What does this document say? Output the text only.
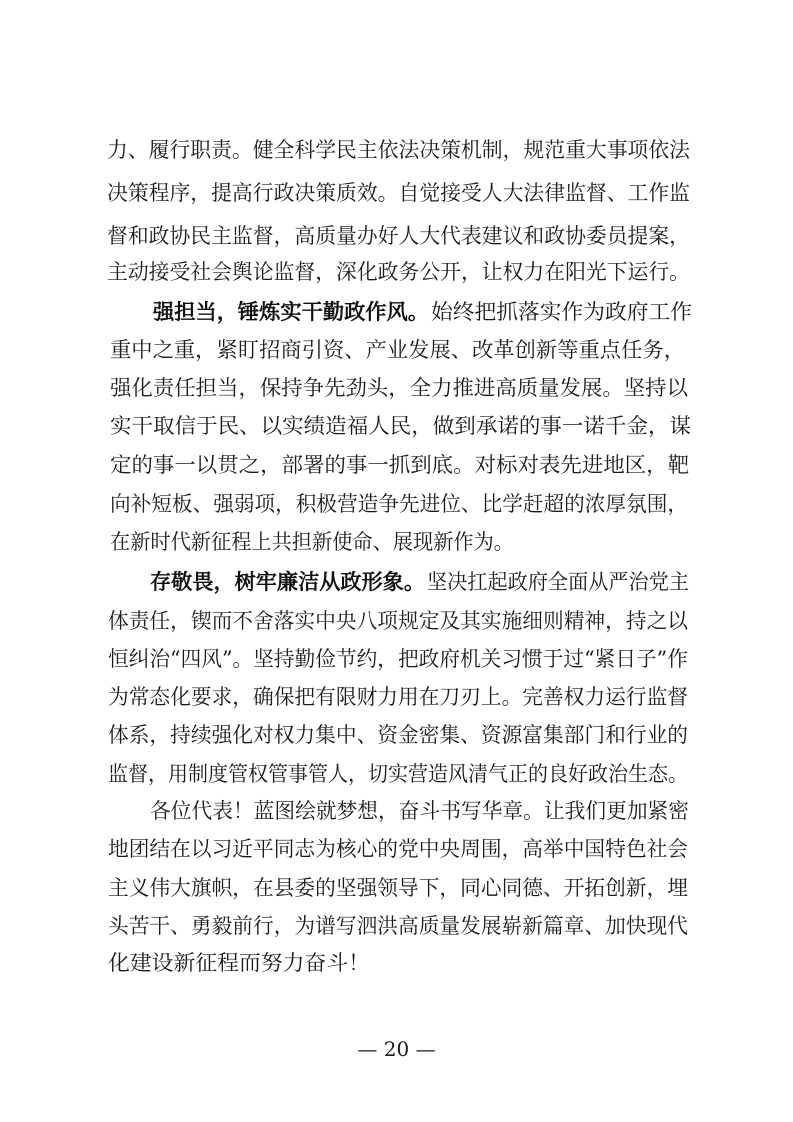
力、履行职责。健全科学民主依法决策机制，规范重大事项依法
决策程序，提高行政决策质效。自觉接受人大法律监督、工作监
督和政协民主监督，高质量办好人大代表建议和政协委员提案，
主动接受社会舆论监督，深化政务公开，让权力在阳光下运行。
强担当，锤炼实干勤政作风。 始终把抓落实作为政府工作
重中之重，紧盯招商引资、产业发展、改革创新等重点任务，
强化责任担当，保持争先劲头，全力推进高质量发展。坚持以
实干取信于民、以实绩造福人民，做到承诺的事一诺千金，谋
定的事一以贯之，部署的事一抓到底。对标对表先进地区，靶
向补短板、强弱项，积极营造争先进位、比学赶超的浓厚氛围，
在新时代新征程上共担新使命、展现新作为。
存敬畏，树牢廉洁从政形象。 坚决扛起政府全面从严治党主
体责任，锲而不舍落实中央八项规定及其实施细则精神，持之以
恒纠治“四风”。坚持勤俭节约，把政府机关习惯于过“紧日子”作
为常态化要求，确保把有限财力用在刀刃上。完善权力运行监督
体系，持续强化对权力集中、资金密集、资源富集部门和行业的
监督，用制度管权管事管人，切实营造风清气正的良好政治生态。
各位代表！蓝图绘就梦想，奋斗书写华章。让我们更加紧密
地团结在以习近平同志为核心的党中央周围，高举中国特色社会
主义伟大旗帜，在县委的坚强领导下，同心同德、开拓创新，埋
头苦干、勇毅前行，为谱写泗洪高质量发展崭新篇章、加快现代
化建设新征程而努力奋斗！
— 20 —
